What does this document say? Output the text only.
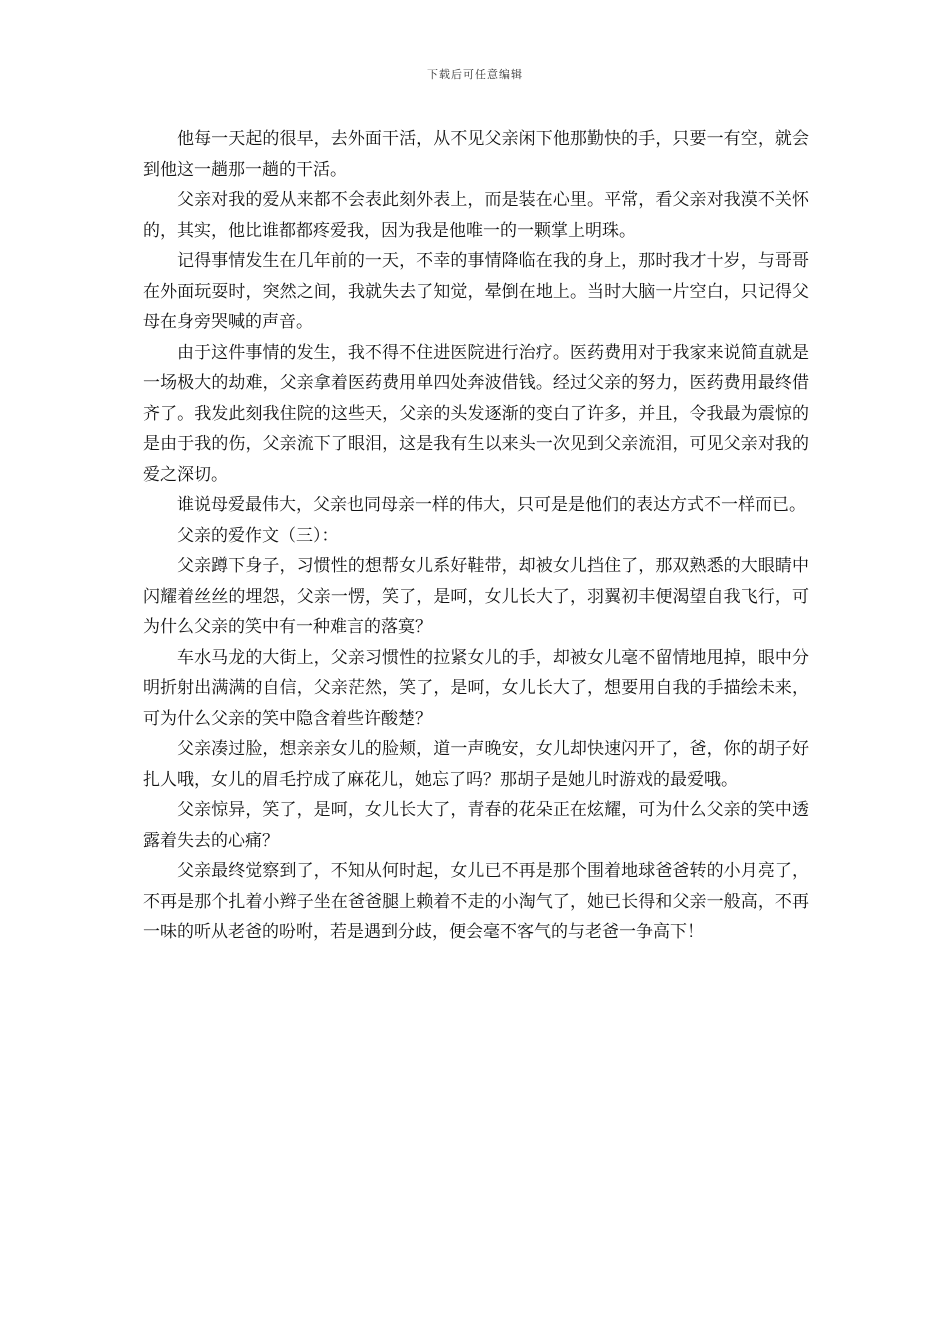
下载后可任意编辑

他每一天起的很早，去外面干活，从不见父亲闲下他那勤快的手，只要一有空，就会到他这一趟那一趟的干活。

父亲对我的爱从来都不会表此刻外表上，而是装在心里。平常，看父亲对我漠不关怀的，其实，他比谁都都疼爱我，因为我是他唯一的一颗掌上明珠。

记得事情发生在几年前的一天，不幸的事情降临在我的身上，那时我才十岁，与哥哥在外面玩耍时，突然之间，我就失去了知觉，晕倒在地上。当时大脑一片空白，只记得父母在身旁哭喊的声音。

由于这件事情的发生，我不得不住进医院进行治疗。医药费用对于我家来说简直就是一场极大的劫难，父亲拿着医药费用单四处奔波借钱。经过父亲的努力，医药费用最终借齐了。我发此刻我住院的这些天，父亲的头发逐渐的变白了许多，并且，令我最为震惊的是由于我的伤，父亲流下了眼泪，这是我有生以来头一次见到父亲流泪，可见父亲对我的爱之深切。

谁说母爱最伟大，父亲也同母亲一样的伟大，只可是是他们的表达方式不一样而已。

父亲的爱作文（三）：

父亲蹲下身子，习惯性的想帮女儿系好鞋带，却被女儿挡住了，那双熟悉的大眼睛中闪耀着丝丝的埋怨，父亲一愣，笑了，是呵，女儿长大了，羽翼初丰便渴望自我飞行，可为什么父亲的笑中有一种难言的落寞？

车水马龙的大街上，父亲习惯性的拉紧女儿的手，却被女儿毫不留情地甩掉，眼中分明折射出满满的自信，父亲茫然，笑了，是呵，女儿长大了，想要用自我的手描绘未来，可为什么父亲的笑中隐含着些许酸楚？

父亲凑过脸，想亲亲女儿的脸颊，道一声晚安，女儿却快速闪开了，爸，你的胡子好扎人哦，女儿的眉毛拧成了麻花儿，她忘了吗？那胡子是她儿时游戏的最爱哦。

父亲惊异，笑了，是呵，女儿长大了，青春的花朵正在炫耀，可为什么父亲的笑中透露着失去的心痛？

父亲最终觉察到了，不知从何时起，女儿已不再是那个围着地球爸爸转的小月亮了，不再是那个扎着小辫子坐在爸爸腿上赖着不走的小淘气了，她已长得和父亲一般高，不再一味的听从老爸的吩咐，若是遇到分歧，便会毫不客气的与老爸一争高下！
